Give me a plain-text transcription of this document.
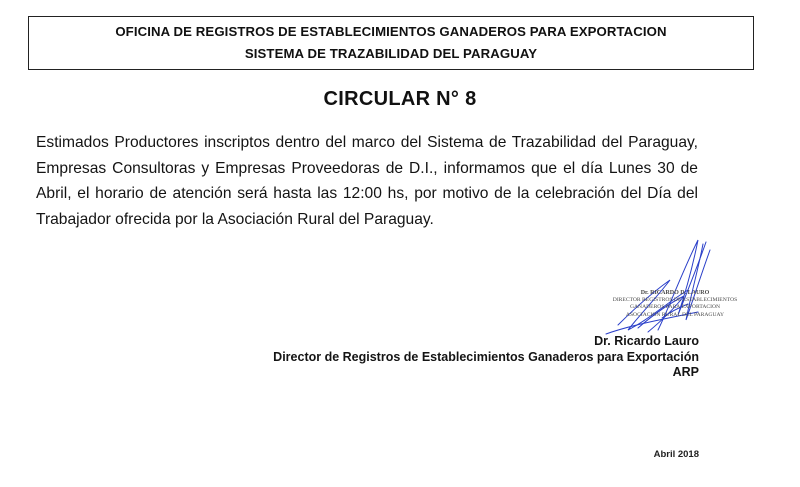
OFICINA DE REGISTROS DE ESTABLECIMIENTOS GANADEROS PARA EXPORTACION
SISTEMA DE TRAZABILIDAD DEL PARAGUAY
CIRCULAR N° 8
Estimados Productores inscriptos dentro del marco del Sistema de Trazabilidad del Paraguay, Empresas Consultoras y Empresas Proveedoras de D.I., informamos que el día Lunes 30 de Abril, el horario de atención será hasta las 12:00 hs, por motivo de la celebración del Día del Trabajador ofrecida por la Asociación Rural del Paraguay.
Dr. RICARDO D. LAURO
DIRECTOR REGISTROS DE ESTABLECIMIENTOS
GANADEROS PARA EXPORTACION
ASOCIACION RURAL DEL PARAGUAY
Dr. Ricardo Lauro
Director de Registros de Establecimientos Ganaderos para Exportación
ARP
Abril 2018
